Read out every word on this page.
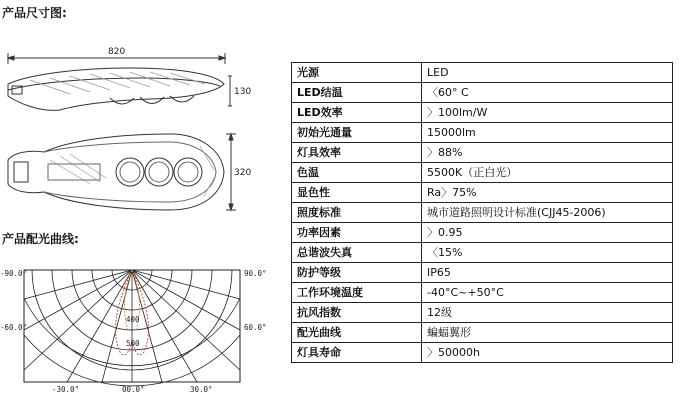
产品尺寸图:
产品配光曲线:
820
130
320
-90.0°
-60.0°
-30.0°
90.0°
60.0°
00.0°	30.0°
400
500
光源	LED
LED结温	〈60° C
LED效率	〉100lm/W
初始光通量	15000lm
灯具效率	〉88%
色温	5500K（正白光）
显色性	Ra〉75%
照度标准	城市道路照明设计标准(CJJ45-2006)
功率因素	〉0.95
总谐波失真	〈15%
防护等级	IP65
工作环境温度	-40°C~+50°C
抗风指数	12级
配光曲线	蝙蝠翼形
灯具寿命	〉50000h
